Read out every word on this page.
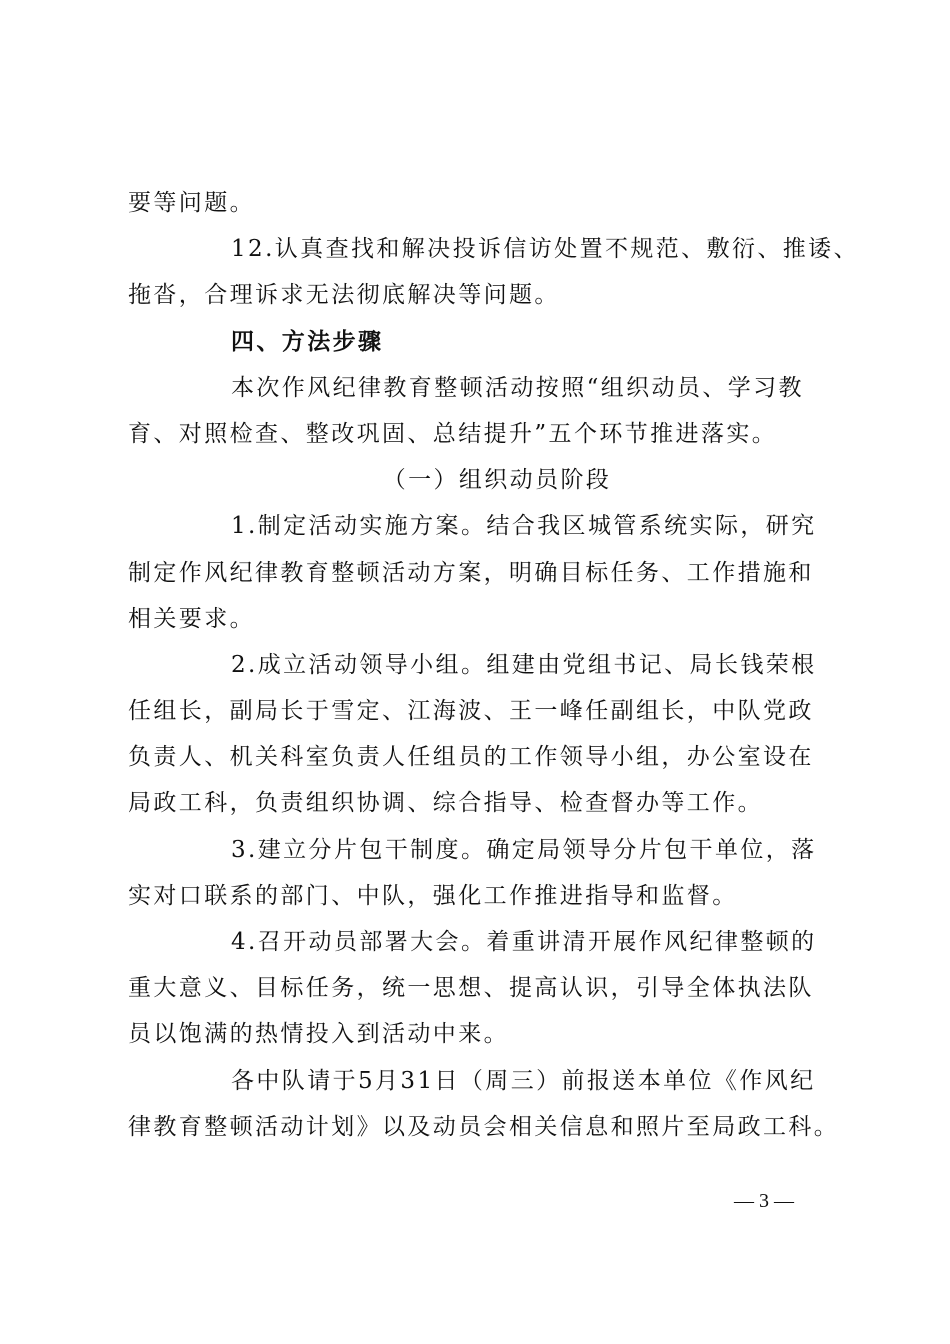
要等问题。
12.认真查找和解决投诉信访处置不规范、敷衍、推诿、
拖沓，合理诉求无法彻底解决等问题。
四、方法步骤
本次作风纪律教育整顿活动按照“组织动员、学习教
育、对照检查、整改巩固、总结提升”五个环节推进落实。
（一）组织动员阶段
1.制定活动实施方案。结合我区城管系统实际，研究
制定作风纪律教育整顿活动方案，明确目标任务、工作措施和
相关要求。
2.成立活动领导小组。组建由党组书记、局长钱荣根
任组长，副局长于雪定、江海波、王一峰任副组长，中队党政
负责人、机关科室负责人任组员的工作领导小组，办公室设在
局政工科，负责组织协调、综合指导、检查督办等工作。
3.建立分片包干制度。确定局领导分片包干单位，落
实对口联系的部门、中队，强化工作推进指导和监督。
4.召开动员部署大会。着重讲清开展作风纪律整顿的
重大意义、目标任务，统一思想、提高认识，引导全体执法队
员以饱满的热情投入到活动中来。
各中队请于5月31日（周三）前报送本单位《作风纪
律教育整顿活动计划》以及动员会相关信息和照片至局政工科。
— 3 —
